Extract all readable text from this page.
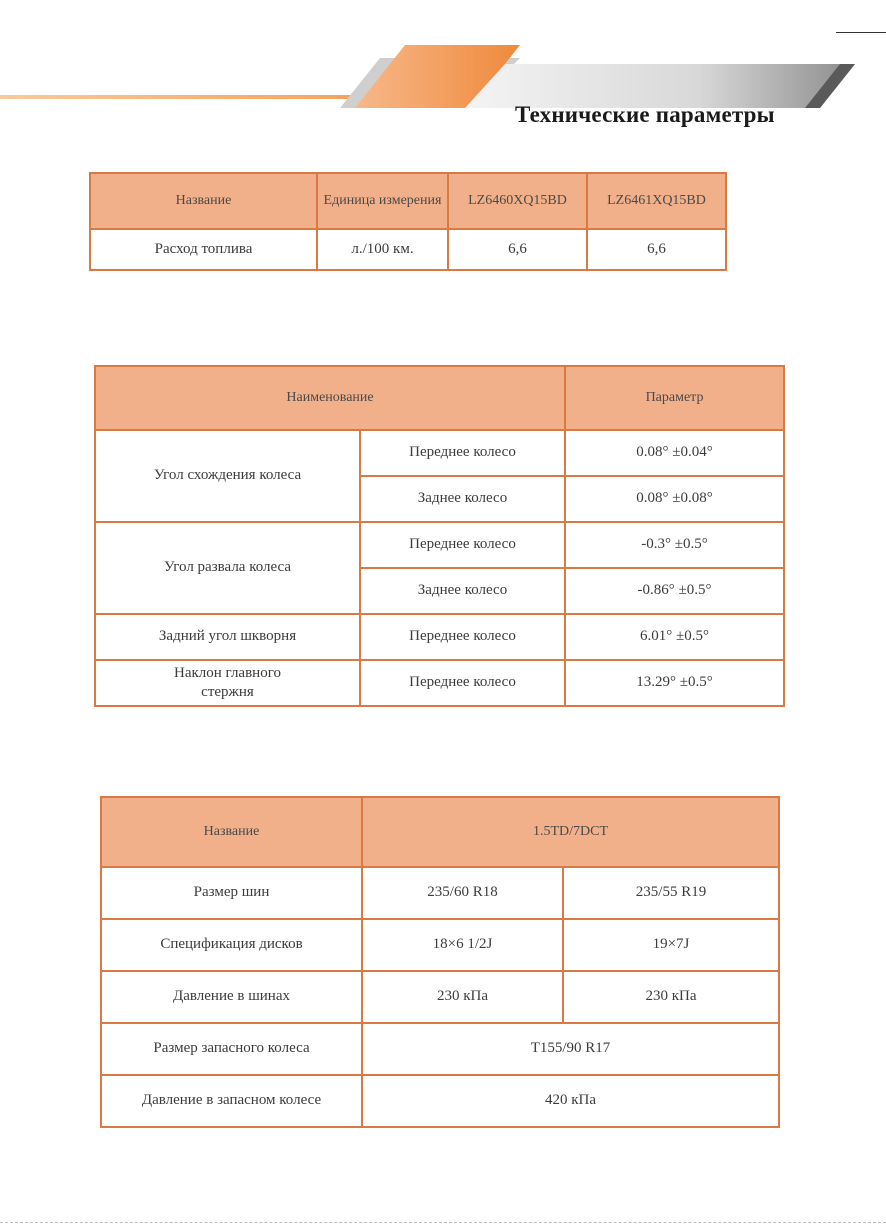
Технические параметры
Название	Единица измерения	LZ6460XQ15BD	LZ6461XQ15BD
Расход топлива	л./100 км.	6,6	6,6
Наименование		Параметр
Угол схождения колеса	Переднее колесо	0.08° ±0.04°
	Заднее колесо	0.08° ±0.08°
Угол развала колеса	Переднее колесо	-0.3° ±0.5°
	Заднее колесо	-0.86° ±0.5°
Задний угол шкворня	Переднее колесо	6.01° ±0.5°
Наклон главного стержня	Переднее колесо	13.29° ±0.5°
Название	1.5TD/7DCT	
Размер шин	235/60 R18	235/55 R19
Спецификация дисков	18×6 1/2J	19×7J
Давление в шинах	230 кПа	230 кПа
Размер запасного колеса	T155/90 R17	
Давление в запасном колесе	420 кПа	
